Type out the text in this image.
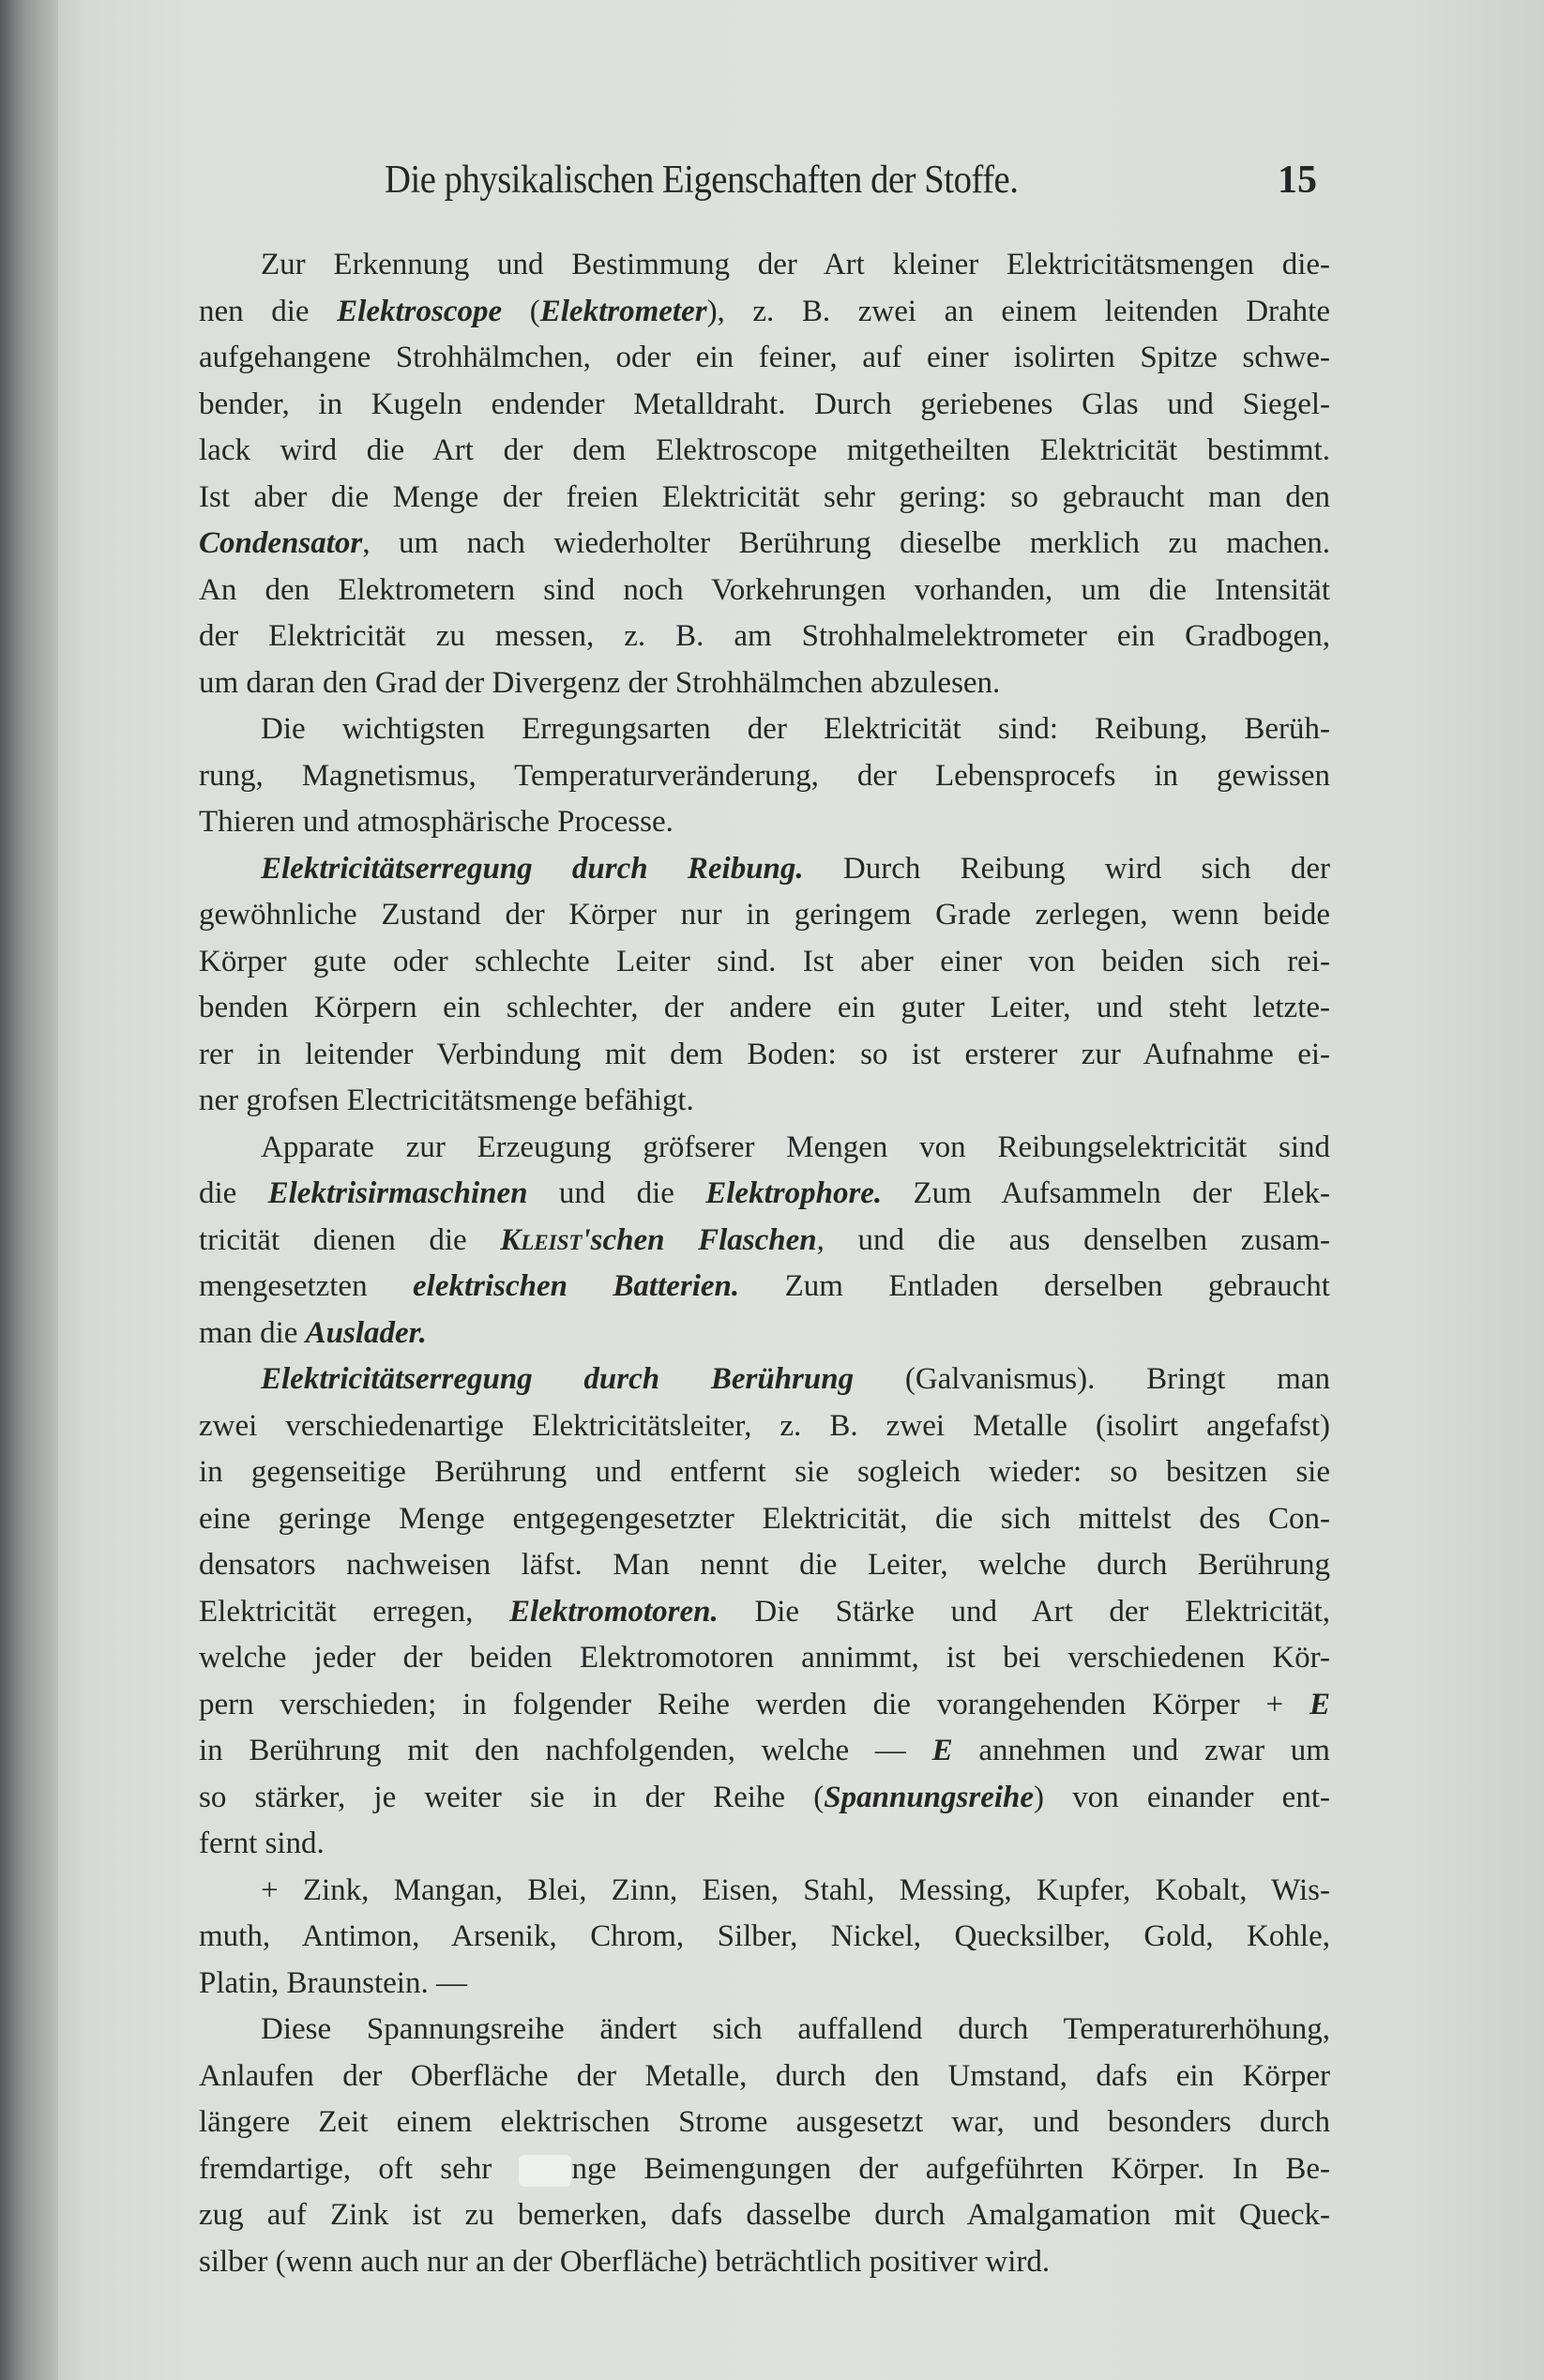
Die physikalischen Eigenschaften der Stoffe.	15
Zur Erkennung und Bestimmung der Art kleiner Elektricitätsmengen die-
nen die Elektroscope (Elektrometer), z. B. zwei an einem leitenden Drahte
aufgehangene Strohhälmchen, oder ein feiner, auf einer isolirten Spitze schwe-
bender, in Kugeln endender Metalldraht. Durch geriebenes Glas und Siegel-
lack wird die Art der dem Elektroscope mitgetheilten Elektricität bestimmt.
Ist aber die Menge der freien Elektricität sehr gering: so gebraucht man den
Condensator, um nach wiederholter Berührung dieselbe merklich zu machen.
An den Elektrometern sind noch Vorkehrungen vorhanden, um die Intensität
der Elektricität zu messen, z. B. am Strohhalmelektrometer ein Gradbogen,
um daran den Grad der Divergenz der Strohhälmchen abzulesen.
Die wichtigsten Erregungsarten der Elektricität sind: Reibung, Berüh-
rung, Magnetismus, Temperaturveränderung, der Lebensprocefs in gewissen
Thieren und atmosphärische Processe.
Elektricitätserregung durch Reibung. Durch Reibung wird sich der
gewöhnliche Zustand der Körper nur in geringem Grade zerlegen, wenn beide
Körper gute oder schlechte Leiter sind. Ist aber einer von beiden sich rei-
benden Körpern ein schlechter, der andere ein guter Leiter, und steht letzte-
rer in leitender Verbindung mit dem Boden: so ist ersterer zur Aufnahme ei-
ner grofsen Electricitätsmenge befähigt.
Apparate zur Erzeugung gröfserer Mengen von Reibungselektricität sind
die Elektrisirmaschinen und die Elektrophore. Zum Aufsammeln der Elek-
tricität dienen die Kleist'schen Flaschen, und die aus denselben zusam-
mengesetzten elektrischen Batterien. Zum Entladen derselben gebraucht
man die Auslader.
Elektricitätserregung durch Berührung (Galvanismus). Bringt man
zwei verschiedenartige Elektricitätsleiter, z. B. zwei Metalle (isolirt angefafst)
in gegenseitige Berührung und entfernt sie sogleich wieder: so besitzen sie
eine geringe Menge entgegengesetzter Elektricität, die sich mittelst des Con-
densators nachweisen läfst. Man nennt die Leiter, welche durch Berührung
Elektricität erregen, Elektromotoren. Die Stärke und Art der Elektricität,
welche jeder der beiden Elektromotoren annimmt, ist bei verschiedenen Kör-
pern verschieden; in folgender Reihe werden die vorangehenden Körper + E
in Berührung mit den nachfolgenden, welche — E annehmen und zwar um
so stärker, je weiter sie in der Reihe (Spannungsreihe) von einander ent-
fernt sind.
+ Zink, Mangan, Blei, Zinn, Eisen, Stahl, Messing, Kupfer, Kobalt, Wis-
muth, Antimon, Arsenik, Chrom, Silber, Nickel, Quecksilber, Gold, Kohle,
Platin, Braunstein. —
Diese Spannungsreihe ändert sich auffallend durch Temperaturerhöhung,
Anlaufen der Oberfläche der Metalle, durch den Umstand, dafs ein Körper
längere Zeit einem elektrischen Strome ausgesetzt war, und besonders durch
fremdartige, oft sehr nge Beimengungen der aufgeführten Körper. In Be-
zug auf Zink ist zu bemerken, dafs dasselbe durch Amalgamation mit Queck-
silber (wenn auch nur an der Oberfläche) beträchtlich positiver wird.
